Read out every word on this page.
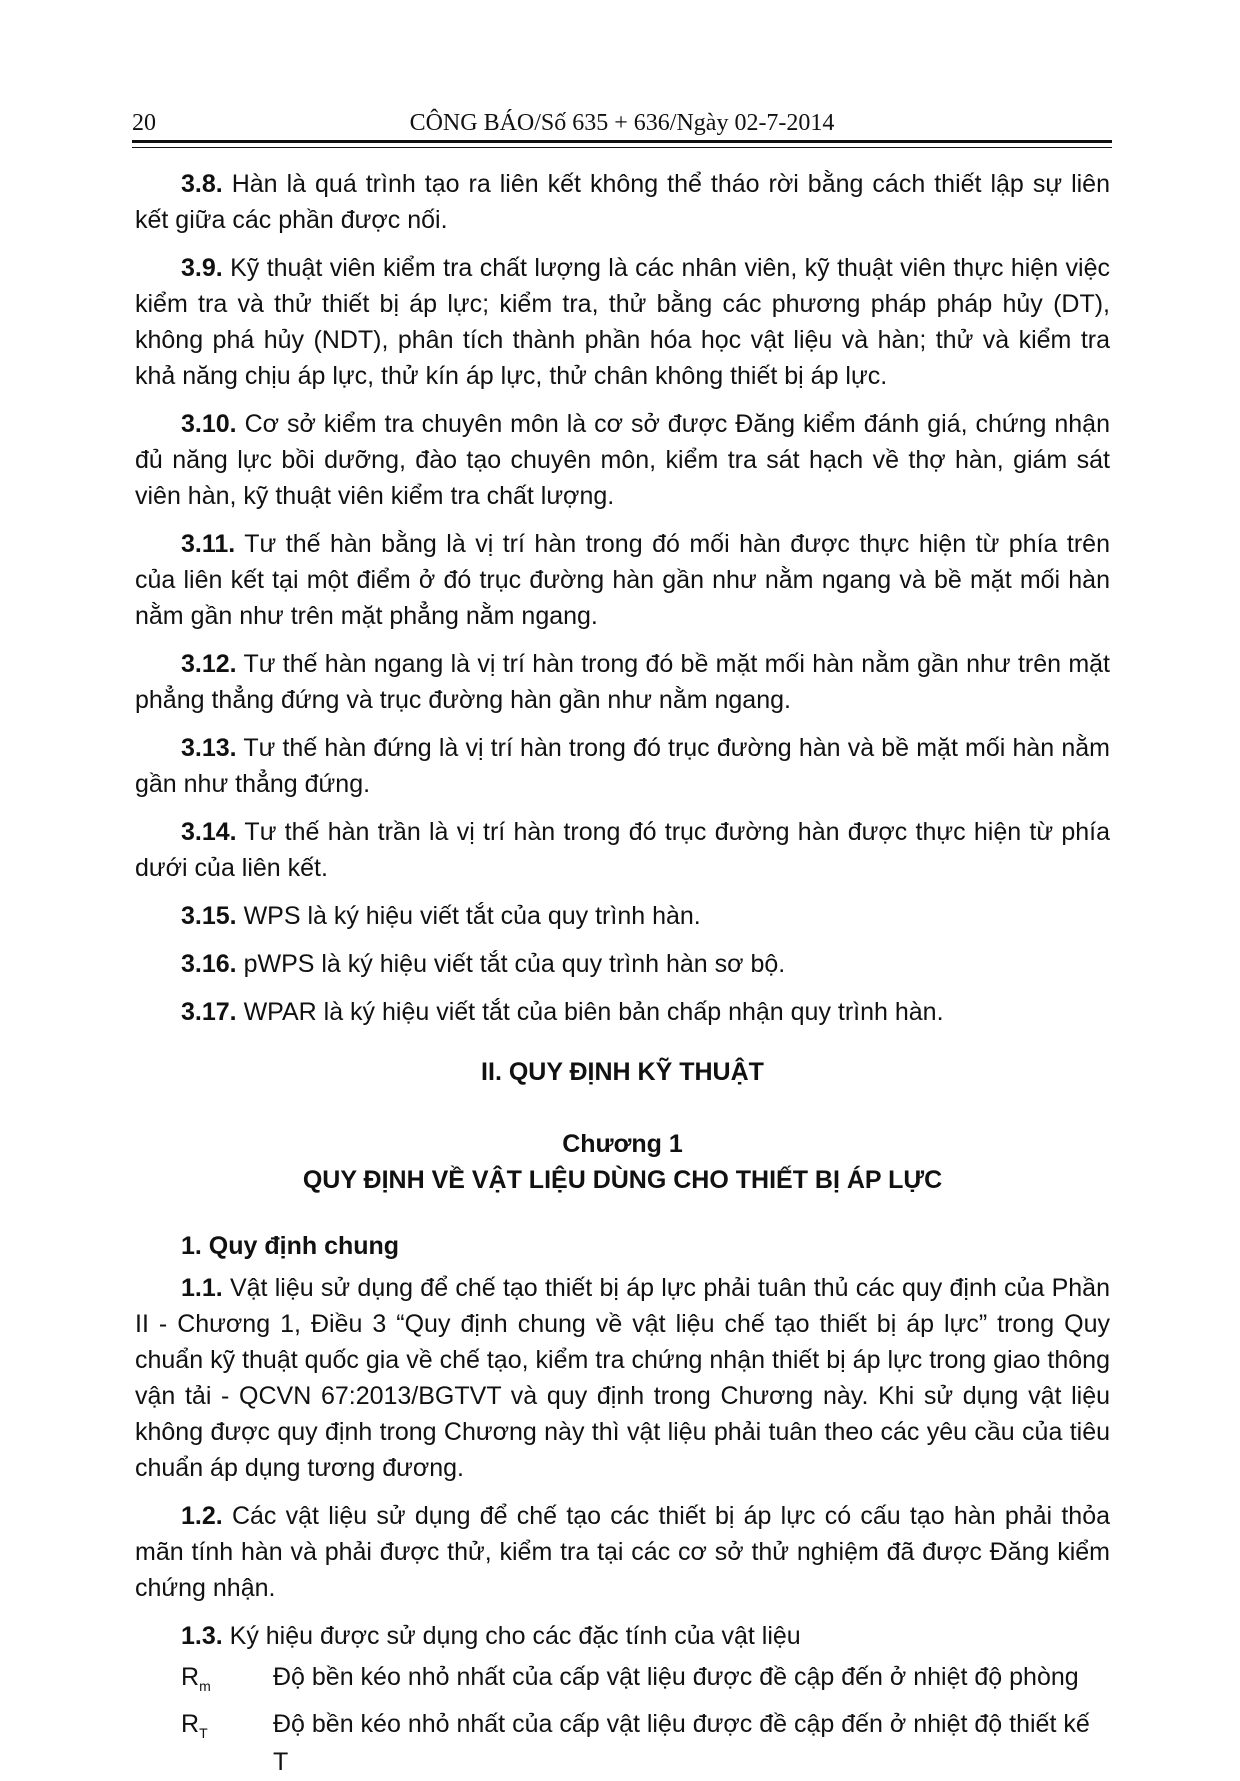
20	CÔNG BÁO/Số 635 + 636/Ngày 02-7-2014

3.8. Hàn là quá trình tạo ra liên kết không thể tháo rời bằng cách thiết lập sự liên kết giữa các phần được nối.

3.9. Kỹ thuật viên kiểm tra chất lượng là các nhân viên, kỹ thuật viên thực hiện việc kiểm tra và thử thiết bị áp lực; kiểm tra, thử bằng các phương pháp pháp hủy (DT), không phá hủy (NDT), phân tích thành phần hóa học vật liệu và hàn; thử và kiểm tra khả năng chịu áp lực, thử kín áp lực, thử chân không thiết bị áp lực.

3.10. Cơ sở kiểm tra chuyên môn là cơ sở được Đăng kiểm đánh giá, chứng nhận đủ năng lực bồi dưỡng, đào tạo chuyên môn, kiểm tra sát hạch về thợ hàn, giám sát viên hàn, kỹ thuật viên kiểm tra chất lượng.

3.11. Tư thế hàn bằng là vị trí hàn trong đó mối hàn được thực hiện từ phía trên của liên kết tại một điểm ở đó trục đường hàn gần như nằm ngang và bề mặt mối hàn nằm gần như trên mặt phẳng nằm ngang.

3.12. Tư thế hàn ngang là vị trí hàn trong đó bề mặt mối hàn nằm gần như trên mặt phẳng thẳng đứng và trục đường hàn gần như nằm ngang.

3.13. Tư thế hàn đứng là vị trí hàn trong đó trục đường hàn và bề mặt mối hàn nằm gần như thẳng đứng.

3.14. Tư thế hàn trần là vị trí hàn trong đó trục đường hàn được thực hiện từ phía dưới của liên kết.

3.15. WPS là ký hiệu viết tắt của quy trình hàn.

3.16. pWPS là ký hiệu viết tắt của quy trình hàn sơ bộ.

3.17. WPAR là ký hiệu viết tắt của biên bản chấp nhận quy trình hàn.

II. QUY ĐỊNH KỸ THUẬT
Chương 1
QUY ĐỊNH VỀ VẬT LIỆU DÙNG CHO THIẾT BỊ ÁP LỰC
1. Quy định chung

1.1. Vật liệu sử dụng để chế tạo thiết bị áp lực phải tuân thủ các quy định của Phần II - Chương 1, Điều 3 “Quy định chung về vật liệu chế tạo thiết bị áp lực” trong Quy chuẩn kỹ thuật quốc gia về chế tạo, kiểm tra chứng nhận thiết bị áp lực trong giao thông vận tải - QCVN 67:2013/BGTVT và quy định trong Chương này. Khi sử dụng vật liệu không được quy định trong Chương này thì vật liệu phải tuân theo các yêu cầu của tiêu chuẩn áp dụng tương đương.

1.2. Các vật liệu sử dụng để chế tạo các thiết bị áp lực có cấu tạo hàn phải thỏa mãn tính hàn và phải được thử, kiểm tra tại các cơ sở thử nghiệm đã được Đăng kiểm chứng nhận.

1.3. Ký hiệu được sử dụng cho các đặc tính của vật liệu

$R_m$	Độ bền kéo nhỏ nhất của cấp vật liệu được đề cập đến ở nhiệt độ phòng
$R_T$	Độ bền kéo nhỏ nhất của cấp vật liệu được đề cập đến ở nhiệt độ thiết kế T
